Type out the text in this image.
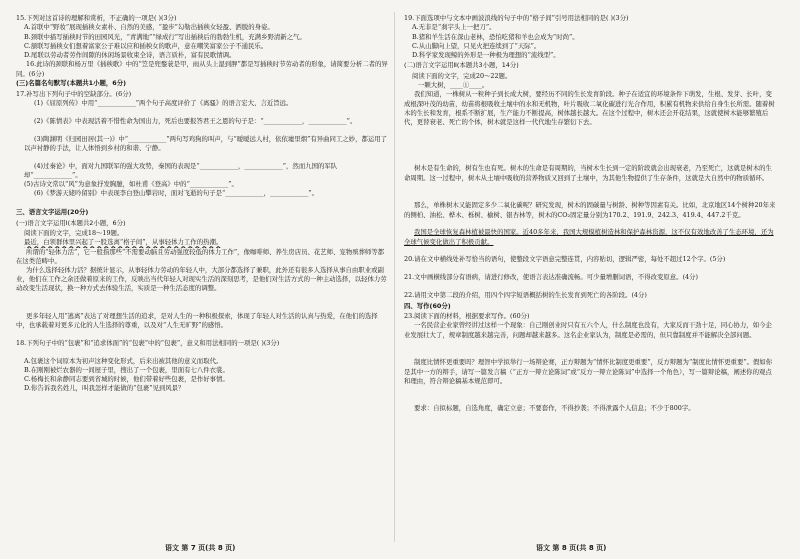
15.下列对这首诗的理解和赏析，不正确的一项是( )(3分)

A.首联中“野妆”展现插秧女素朴、自然的美感，“盈步”勾勒出插秧女轻盈、洒脱的身姿。

B.颈联中描写插秧时节的田园风光，“青满地”“绿成行”写出插秧后的勃勃生机，充满乡野清新之气。

C.颔联写插秧女们想着富家公子难以应和插秧女的歌声，意在嘲笑富家公子不通民乐。

D.尾联以劳动者劳作间隙的休闲场景收束全诗，语言质朴，富有民歌情调。

16.此诗的颈联和杨万里《插秧歌》中的“笠是兜鍪蓑是甲，雨从头上湿到胛”都是写插秧时节劳动者的形象，请简要分析二者的异同。(6分)

(三)名篇名句默写(本题共1小题，6分)

17.补写出下列句子中的空缺部分。(6分)

(1)《屈原列传》中用“____________”两个句子高度评价了《离骚》的语言宏大、言近旨远。

(2)《陈情表》中表现活着不惜性命为国出力，死后也要报答君王之恩的句子是：“____________，____________”。

(3)陶渊明《归园田居(其一)》中“____________”两句写鸡狗的叫声，与“暧暧远人村，依依墟里烟”有异曲同工之妙，都运用了以声衬静的手法，让人体悟到乡村的和谐、宁静。

(4)过秦论》中，面对九国联军的强大攻势，秦国的表现是“____________，____________”，然而九国的军队却“____________”。

(5)古诗文常以“风”为意象抒发胸臆，如杜甫《登高》中的“____________”。

(6)《梦游天姥吟留别》中表现李白登山攀岩时，面对飞逝的句子是“____________，____________”。

三、语言文字运用(20分)

(一)语言文字运用Ⅰ(本题共2小题，6分)

阅读下面的文字，完成18～19题。

最近，白领群体里兴起了一股选离“格子间”，从事轻体力工作的热潮。

所谓的“轻体力活”，它一般指那些“不需要动脑且劳动强度较低的体力工作”，像咖啡师、养生房店员、花艺师、宠物殡葬师等都在这类范畴中。

为什么选择轻体力活？据统计显示，从事轻体力劳动的年轻人中，大部分都选择了兼职，此外还有很多人选择从事自由职业或副业，他们在工作之余还做着原来的工作，反映出当代年轻人对现实生活的深刻思考，是他们对生活方式的一种主动选择，以轻体力劳动改变生活现状，换一种方式去体验生活，实质是一种生活态度的调整。

更多年轻人用“逃离”表达了对理想生活的追求，是对人生的一种积极探索，体现了年轻人对生活的认真与热爱，在他们的选择中，也承载着对更多元化的人生选择的尊重，以及对“人生无旷野”的感悟。

18.下列句子中的“包裹”和“追求体面”的“包裹”中的“包裹”，意义和用法相同的一项是( )(3分)

A.包裹这个词原本为初声这种变化形式，后来出被其他的意义而取代。

B.在刚刚被烂农器的一间屋子里，搜出了一个包裹，里面有七八件衣裳。

C.杨梅长和余静同志要到省城的时候，他们带着好些包裹，是作好事情。

D.你告诉我名姓儿，叫我怎样才能做的“包裹”见到风景？

19.下面选项中与文本中画波浪线的句子中的“格子间”引号用法相同的是( )(3分)

A.无非是“刹字头上一把刀”。

B.猪和羊生活在深山老林，恐怕吃猪和羊也会成为“时尚”。

C.从山脚向上望，只见火把连续到了“天际”。

D.科学家发现鲸的外形是一种极为理想的“流线型”。

(二)语言文字运用Ⅱ(本题共3小题，14分)

阅读下面的文字，完成20～22题。

一颗大树，____①____。

我们知道，一株树从一粒种子到长成大树，要经历不同的生长发育阶段。种子在适宜的环境条件下萌发，生根、发芽、长叶，变成根深叶茂的幼苗，幼苗将根吸收土壤中的水和无机物，叶片吸收二氧化碳进行光合作用，积累有机物来供给自身生长所需。随着树木的生长和发育，根系不断扩展，生产能力不断提高，树体越长越大。在这个过程中，树木还会开花结果，这就使树木能够繁殖后代，更替衰老、死亡的个体，树木就是这样一代代地生存繁衍下去。

树木是有生命的，树有生也有死。树木的生命是有周期的，当树木生长到一定的阶段就会出现衰老，乃至死亡，这就是树木的生命周期。这一过程中，树木从土壤中吸收的营养物质又回到了土壤中，为其他生物提供了生存条件，这就是大自然中的物质循环。

那么，单株树木又能固定多少二氧化碳呢？研究发现，树木的固碳量与树龄、树种等因素有关。比如，北京地区14个树种20年来的侧柏、油松、桦木、栎树、榆树、银杏林等，树木的CO₂固定量分别为170.2、191.9、242.3、419.4、447.2千克。

我国是全球恢复森林植被最快的国家。近40多年来，我国大规模植树造林和保护森林资源，这不仅有效地改善了生态环境，还为全球气候变化做出了积极贡献。

20.请在文中横线处补写恰当的语句，使整段文字语意完整连贯，内容贴切，逻辑严密，每处不超过12个字。(5分)

21.文中画横线部分有语病，请进行修改，使语言表达准确流畅。可少量增删词语，不得改变原意。(4分)

22.请用文中第二段的介绍，用四个四字短语概括树的生长发育到死亡的各阶段。(4分)

四、写作(60分)

23.阅读下面的材料，根据要求写作。(60分)

一名民营企业家曾经讲过这样一个现象：自己刚创业时只有五六个人，什么制度也没有，大家反而干劲十足，同心协力，如今企业发展壮大了，规章制度越来越完善，问题却越来越多。这名企业家认为，制度是必需的，但只靠制度并不能解决全部问题。

制度比情怀更重要吗？理智中学拟举行一场辩论赛，正方辩题为“情怀比制度更重要”，反方辩题为“制度比情怀更重要”。假如你是其中一方的辩手，请写一篇发言稿（“正方一辩立论陈词”或“反方一辩立论陈词”中选择一个角色），写一篇辩论稿，阐述你的观点和理由，符合辩论稿基本规范即可。

要求：自拟标题，自选角度，确定立意；不要套作，不得抄袭；不得泄露个人信息；不少于800字。

语文 第 7 页(共 8 页)	语文 第 8 页(共 8 页)
